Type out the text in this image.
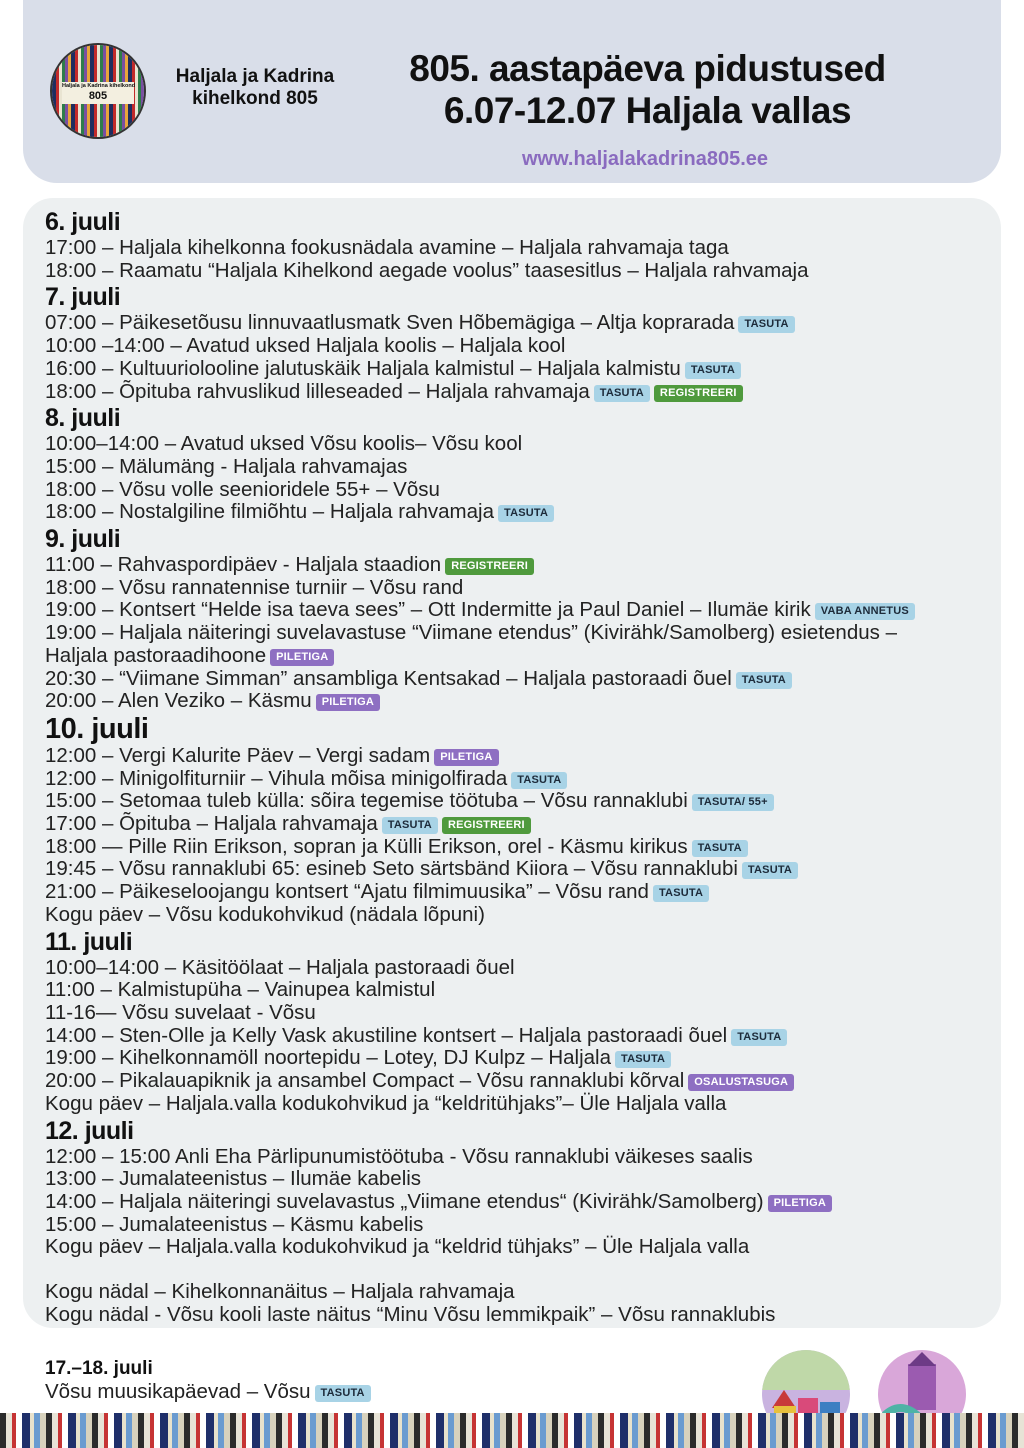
Haljala ja Kadrina kihelkond
805
Haljala ja Kadrina
kihelkond 805
805. aastapäeva pidustused
6.07-12.07 Haljala vallas
www.haljalakadrina805.ee
6. juuli
17:00 – Haljala kihelkonna fookusnädala avamine – Haljala rahvamaja taga
18:00 – Raamatu “Haljala Kihelkond aegade voolus” taasesitlus – Haljala rahvamaja
7. juuli
07:00 – Päikesetõusu linnuvaatlusmatk Sven Hõbemägiga – Altja koprarada TASUTA
10:00 –14:00 – Avatud uksed Haljala koolis – Haljala kool
16:00 – Kultuuriolooline jalutuskäik Haljala kalmistul – Haljala kalmistu TASUTA
18:00 – Õpituba rahvuslikud lilleseaded – Haljala rahvamaja TASUTA REGISTREERI
8. juuli
10:00–14:00 – Avatud uksed Võsu koolis– Võsu kool
15:00 – Mälumäng - Haljala rahvamajas
18:00 – Võsu volle seenioridele 55+ – Võsu
18:00 – Nostalgiline filmiõhtu – Haljala rahvamaja TASUTA
9. juuli
11:00 – Rahvaspordipäev - Haljala staadion REGISTREERI
18:00 – Võsu rannatennise turniir – Võsu rand
19:00 – Kontsert “Helde isa taeva sees” – Ott Indermitte ja Paul Daniel – Ilumäe kirik VABA ANNETUS
19:00 – Haljala näiteringi suvelavastuse “Viimane etendus” (Kivirähk/Samolberg) esietendus – Haljala pastoraadihoone PILETIGA
20:30 – “Viimane Simman” ansambliga Kentsakad – Haljala pastoraadi õuel TASUTA
20:00 – Alen Veziko – Käsmu PILETIGA
10. juuli
12:00 – Vergi Kalurite Päev – Vergi sadam PILETIGA
12:00 – Minigolfiturniir – Vihula mõisa minigolfirada TASUTA
15:00 – Setomaa tuleb külla: sõira tegemise töötuba – Võsu rannaklubi TASUTA/ 55+
17:00 – Õpituba – Haljala rahvamaja TASUTA REGISTREERI
18:00 — Pille Riin Erikson, sopran ja Külli Erikson, orel - Käsmu kirikus TASUTA
19:45 – Võsu rannaklubi 65: esineb Seto särtsbänd Kiiora – Võsu rannaklubi TASUTA
21:00 – Päikeseloojangu kontsert “Ajatu filmimuusika” – Võsu rand TASUTA
Kogu päev – Võsu kodukohvikud (nädala lõpuni)
11. juuli
10:00–14:00 – Käsitöölaat – Haljala pastoraadi õuel
11:00 – Kalmistupüha – Vainupea kalmistul
11-16— Võsu suvelaat - Võsu
14:00 – Sten-Olle ja Kelly Vask akustiline kontsert – Haljala pastoraadi õuel TASUTA
19:00 – Kihelkonnamöll noortepidu – Lotey, DJ Kulpz – Haljala TASUTA
20:00 – Pikalauapiknik ja ansambel Compact – Võsu rannaklubi kõrval OSALUSTASUGA
Kogu päev – Haljala.valla kodukohvikud ja “keldritühjaks”– Üle Haljala valla
12. juuli
12:00 – 15:00 Anli Eha Pärlipunumistöötuba - Võsu rannaklubi väikeses saalis
13:00 – Jumalateenistus – Ilumäe kabelis
14:00 – Haljala näiteringi suvelavastus „Viimane etendus“ (Kivirähk/Samolberg) PILETIGA
15:00 – Jumalateenistus – Käsmu kabelis
Kogu päev – Haljala.valla kodukohvikud ja “keldrid tühjaks” – Üle Haljala valla
Kogu nädal – Kihelkonnanäitus – Haljala rahvamaja
Kogu nädal - Võsu kooli laste näitus “Minu Võsu lemmikpaik” – Võsu rannaklubis
17.–18. juuli
Võsu muusikapäevad – Võsu TASUTA
